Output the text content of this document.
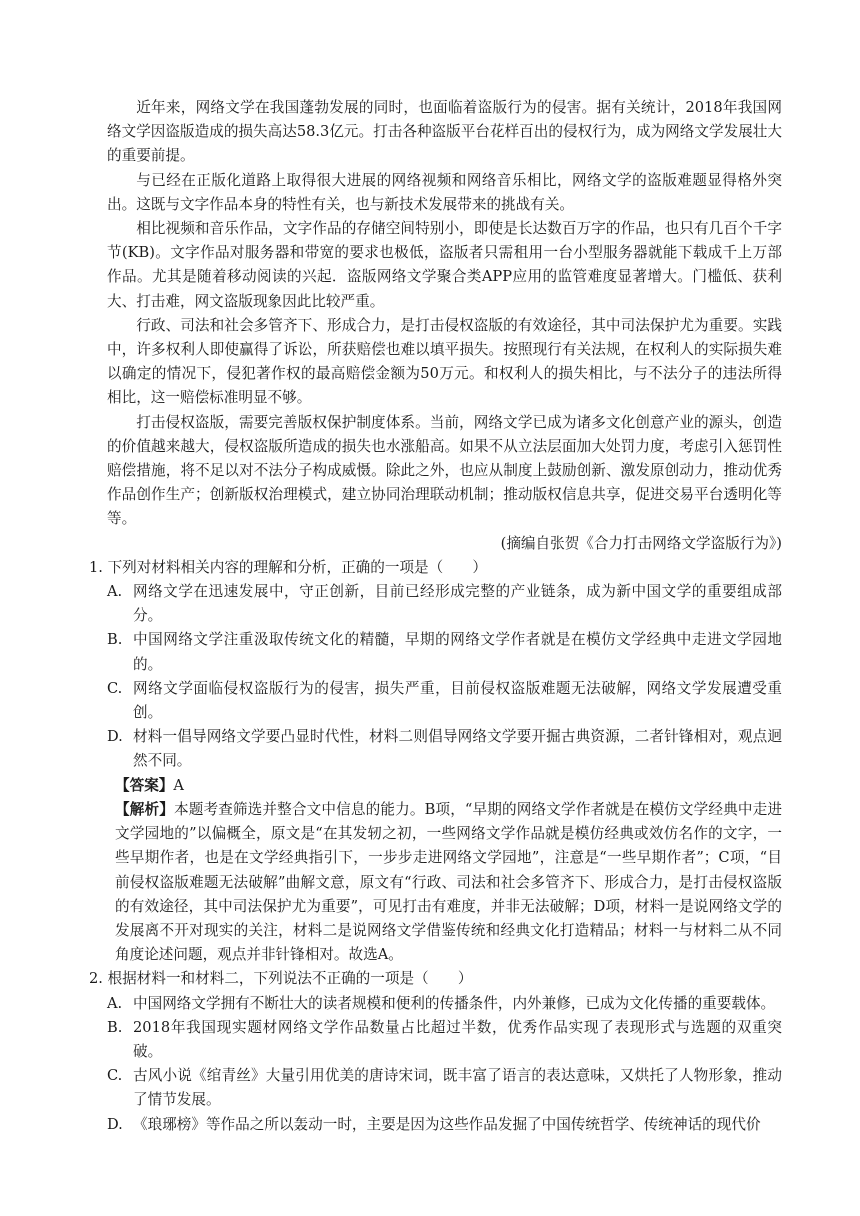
近年来，网络文学在我国蓬勃发展的同时，也面临着盗版行为的侵害。据有关统计，2018年我国网络文学因盗版造成的损失高达58.3亿元。打击各种盗版平台花样百出的侵权行为，成为网络文学发展壮大的重要前提。

与已经在正版化道路上取得很大进展的网络视频和网络音乐相比，网络文学的盗版难题显得格外突出。这既与文字作品本身的特性有关，也与新技术发展带来的挑战有关。

相比视频和音乐作品，文字作品的存储空间特别小，即使是长达数百万字的作品，也只有几百个千字节(KB)。文字作品对服务器和带宽的要求也极低，盗版者只需租用一台小型服务器就能下载成千上万部作品。尤其是随着移动阅读的兴起．盗版网络文学聚合类APP应用的监管难度显著增大。门槛低、获利大、打击难，网文盗版现象因此比较严重。

行政、司法和社会多管齐下、形成合力，是打击侵权盗版的有效途径，其中司法保护尤为重要。实践中，许多权利人即使赢得了诉讼，所获赔偿也难以填平损失。按照现行有关法规，在权利人的实际损失难以确定的情况下，侵犯著作权的最高赔偿金额为50万元。和权利人的损失相比，与不法分子的违法所得相比，这一赔偿标准明显不够。

打击侵权盗版，需要完善版权保护制度体系。当前，网络文学已成为诸多文化创意产业的源头，创造的价值越来越大，侵权盗版所造成的损失也水涨船高。如果不从立法层面加大处罚力度，考虑引入惩罚性赔偿措施，将不足以对不法分子构成威慑。除此之外，也应从制度上鼓励创新、激发原创动力，推动优秀作品创作生产；创新版权治理模式，建立协同治理联动机制；推动版权信息共享，促进交易平台透明化等等。

(摘编自张贺《合力打击网络文学盗版行为》)

1. 下列对材料相关内容的理解和分析，正确的一项是（　　）

A. 网络文学在迅速发展中，守正创新，目前已经形成完整的产业链条，成为新中国文学的重要组成部分。
B. 中国网络文学注重汲取传统文化的精髓，早期的网络文学作者就是在模仿文学经典中走进文学园地的。
C. 网络文学面临侵权盗版行为的侵害，损失严重，目前侵权盗版难题无法破解，网络文学发展遭受重创。
D. 材料一倡导网络文学要凸显时代性，材料二则倡导网络文学要开掘古典资源，二者针锋相对，观点迥然不同。

【答案】A

【解析】本题考查筛选并整合文中信息的能力。B项，“早期的网络文学作者就是在模仿文学经典中走进文学园地的”以偏概全，原文是“在其发轫之初，一些网络文学作品就是模仿经典或效仿名作的文字，一些早期作者，也是在文学经典指引下，一步步走进网络文学园地”，注意是“一些早期作者”；C项，“目前侵权盗版难题无法破解”曲解文意，原文有“行政、司法和社会多管齐下、形成合力，是打击侵权盗版的有效途径，其中司法保护尤为重要”，可见打击有难度，并非无法破解；D项，材料一是说网络文学的发展离不开对现实的关注，材料二是说网络文学借鉴传统和经典文化打造精品；材料一与材料二从不同角度论述问题，观点并非针锋相对。故选A。

2. 根据材料一和材料二，下列说法不正确的一项是（　　）

A. 中国网络文学拥有不断壮大的读者规模和便利的传播条件，内外兼修，已成为文化传播的重要载体。
B. 2018年我国现实题材网络文学作品数量占比超过半数，优秀作品实现了表现形式与选题的双重突破。
C. 古风小说《绾青丝》大量引用优美的唐诗宋词，既丰富了语言的表达意味，又烘托了人物形象，推动了情节发展。
D. 《琅琊榜》等作品之所以轰动一时，主要是因为这些作品发掘了中国传统哲学、传统神话的现代价
